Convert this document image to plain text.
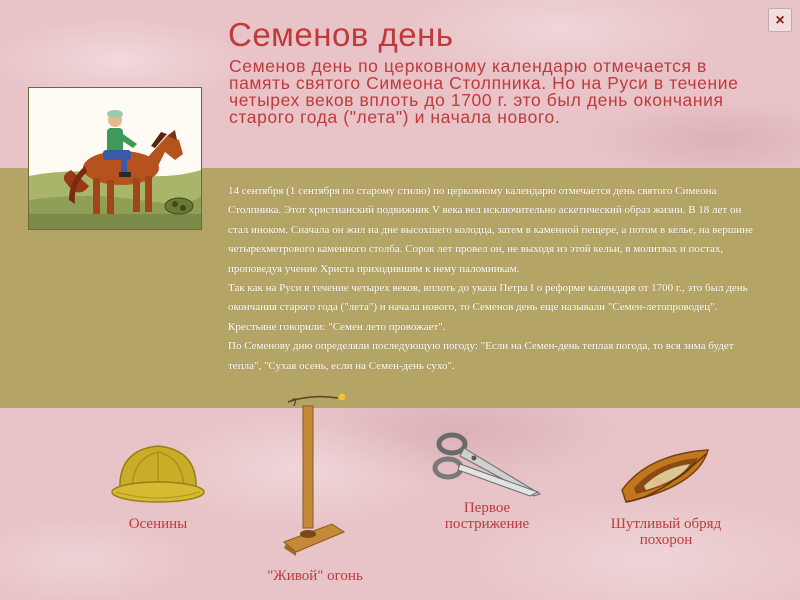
×
Семенов день

Семенов день по церковному календарю отмечается в память святого Симеона Столпника. Но на Руси в течение четырех веков вплоть до 1700 г. это был день окончания старого года ("лета") и начала нового.

14 сентября (1 сентября по старому стилю) по церковному календарю отмечается день святого Симеона Столпника. Этот христианский подвижник V века вел исключительно аскетический образ жизни. В 18 лет он стал иноком. Сначала он жил на дне высохшего колодца, затем в каменной пещере, а потом в келье, на вершине четырехметрового каменного столба. Сорок лет провел он, не выходя из этой кельи, в молитвах и постах, проповедуя учение Христа приходившим к нему паломникам.

Так как на Руси в течение четырех веков, вплоть до указа Петра I о реформе календаря от 1700 г., это был день окончания старого года ("лета") и начала нового, то Семенов день еще называли "Семен-летопроводец". Крестьяне говорили: "Семен лето провожает".

По Семенову дню определяли последующую погоду: "Если на Семен-день теплая погода, то вся зима будет тепла", "Сухая осень, если на Семен-день сухо".

Осенины
"Живой" огонь
Первое
пострижение	Шутливый обряд
похорон
